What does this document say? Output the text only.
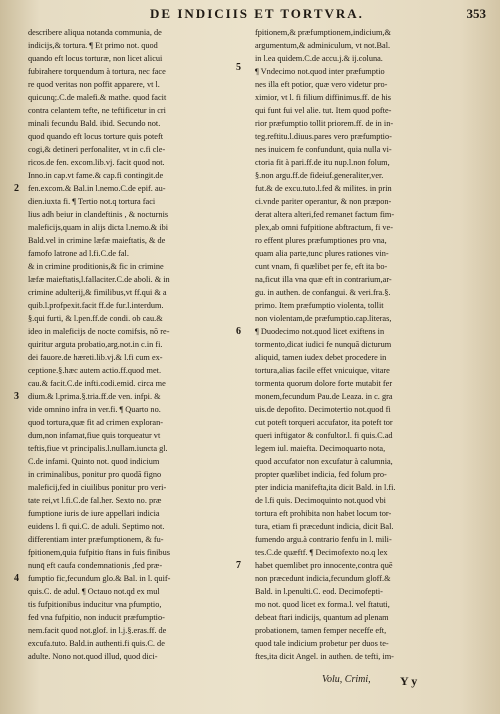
DE INDICIIS ET TORTVRA.	353
describere aliqua notanda communia, de
indicijs,& tortura. ¶ Et primo not. quod
quando eft locus torturæ, non licet alicui
fubirahere torquendum à tortura, nec face
re quod veritas non poffit apparere, vt l.
quicunq;.C.de malefi.& mathe. quod facit
contra celantem tefte, ne teftificetur in cri
minali fecundu Bald. ibid. Secundo not.
quod quando eft locus torture quis poteft
cogi,& detineri perfonaliter, vt in c.fi cle-
ricos.de fen. excom.lib.vj. facit quod not.
Inno.in cap.vt fame.& cap.fi contingit.de
fen.excom.& Bal.in l.nemo.C.de epif. au-
dien.iuxta fi. ¶ Tertio not.q tortura faci
lius adh beiur in clandeftinis , & nocturnis
maleficijs,quam in alijs dicta l.nemo.& ibi
Bald.vel in crimine læfæ maieftatis, & de
famofo latrone ad l.fi.C.de fal.
& in crimine proditionis,& fic in crimine
læfæ maieftatis,l.fallaciter.C.de aboli. & in
crimine adulterij,& fimilibus,vt ff.qui & a
quib.l.profpexit.facit ff.de fur.l.interdum.
§.qui furti, & l.pen.ff.de condi. ob cau.&
ideo in maleficijs de nocte comifsis, nō re-
quiritur arguta probatio,arg.not.in c.in fi.
dei fauore.de hæreti.lib.vj.& l.fi cum ex-
ceptione.§.hæc autem actio.ff.quod met.
cau.& facit.C.de infti.codi.emid. circa me
dium.& l.prima.§.tria.ff.de ven. infpi. &
vide omnino infra in ver.fi. ¶ Quarto no.
quod tortura,quæ fit ad crimen exploran-
dum,non infamat,fiue quis torqueatur vt
teftis,fiue vt principalis.l.nullam.iuncta gl.
C.de infami. Quinto not. quod indicium
in criminalibus, ponitur pro quodā figno
maleficij,fed in ciuilibus ponitur pro veri-
tate rei,vt l.fi.C.de fal.her. Sexto no. præ
fumptione iuris de iure appellari indicia
euidens l. fi qui.C. de aduli. Septimo not.
differentiam inter præfumptionem, & fu-
fpitionem,quia fufpitio ftans in fuis finibus
nunq̄ eft caufa condemnationis ,fed præ-
fumptio fic,fecundum glo.& Bal. in l. quif-
quis.C. de adul. ¶ Octauo not.qd ex mul
tis fufpitionibus inducitur vna pfumptio,
fed vna fufpitio, non inducit præfumptio-
nem.facit quod not.glof. in l.j.§.eras.ff. de
excufa.tuto. Bald.in authenti.fi quis.C. de
adulte. Nono not.quod illud, quod dici-
fpitionem,& præfumptionem,indicium,&
argumentum,& adminiculum, vt not.Bal.
in l.ea quidem.C.de accu.j.& ij.coluna.
¶ Vndecimo not.quod inter præfumptio
nes illa eft potior, quæ vero videtur pro-
ximior, vt l. fi filium diffinimus.ff. de his
qui funt fui vel alie. tut. Item quod pofte-
rior præfumptio tollit priorem.ff. de in in-
teg.reftitu.l.diuus.pares vero præfumptio-
nes inuicem fe confundunt, quia nulla vi-
ctoria fit à pari.ff.de itu nup.l.non folum,
§.non argu.ff.de fideiuf.generaliter,ver.
fut.& de excu.tuto.l.fed & milites. in prin
ci.vnde pariter operantur, & non præpon-
derat altera alteri,fed remanet factum fim-
plex,ab omni fufpitione abftractum, fi ve-
ro effent plures præfumptiones pro vna,
quam alia parte,tunc plures rationes vin-
cunt vnam, fi quælibet per fe, eft ita bo-
na,ficut illa vna quæ eft in contrarium,ar-
gu. in authen. de confangui. & veri.fra.§.
primo. Item præfumptio violenta, tollit
non violentam,de præfumptio.cap.literas,
¶ Duodecimo not.quod licet exiftens in
tormento,dicat iudici fe nunquā dicturum
aliquid, tamen iudex debet procedere in
tortura,alias facile effet vnicuique, vitare
tormenta quorum dolore forte mutabit fer
monem,fecundum Pau.de Leaza. in c. gra
uis.de depofito. Decimotertio not.quod fi
cut poteft torqueri accufator, ita poteft tor
queri inftigator & confultor.l. fi quis.C.ad
legem iul. maiefta. Decimoquarto nota,
quod accufator non excufatur à calumnia,
propter quælibet indicia, fed folum pro-
pter indicia manifefta,ita dicit Bald. in l.fi.
de l.fi quis. Decimoquinto not.quod vbi
tortura eft prohibita non habet locum tor-
tura, etiam fi præcedunt indicia, dicit Bal.
fumendo argu.à contrario fenfu in l. mili-
tes.C.de quæftf. ¶ Decimofexto no.q lex
habet quemlibet pro innocente,contra quē
non præcedunt indicia,fecundum gloff.&
Bald. in l.penulti.C. eod. Decimofepti-
mo not. quod licet ex forma.l. vel ftatuti,
debeat ftari indicijs, quantum ad plenam
probationem, tamen femper neceffe eft,
quod tale indicium probetur per duos te-
ftes,ita dicit Angel. in authen. de tefti, im-
2
3
4
5
6
7
Volu, Crimi, Y y
